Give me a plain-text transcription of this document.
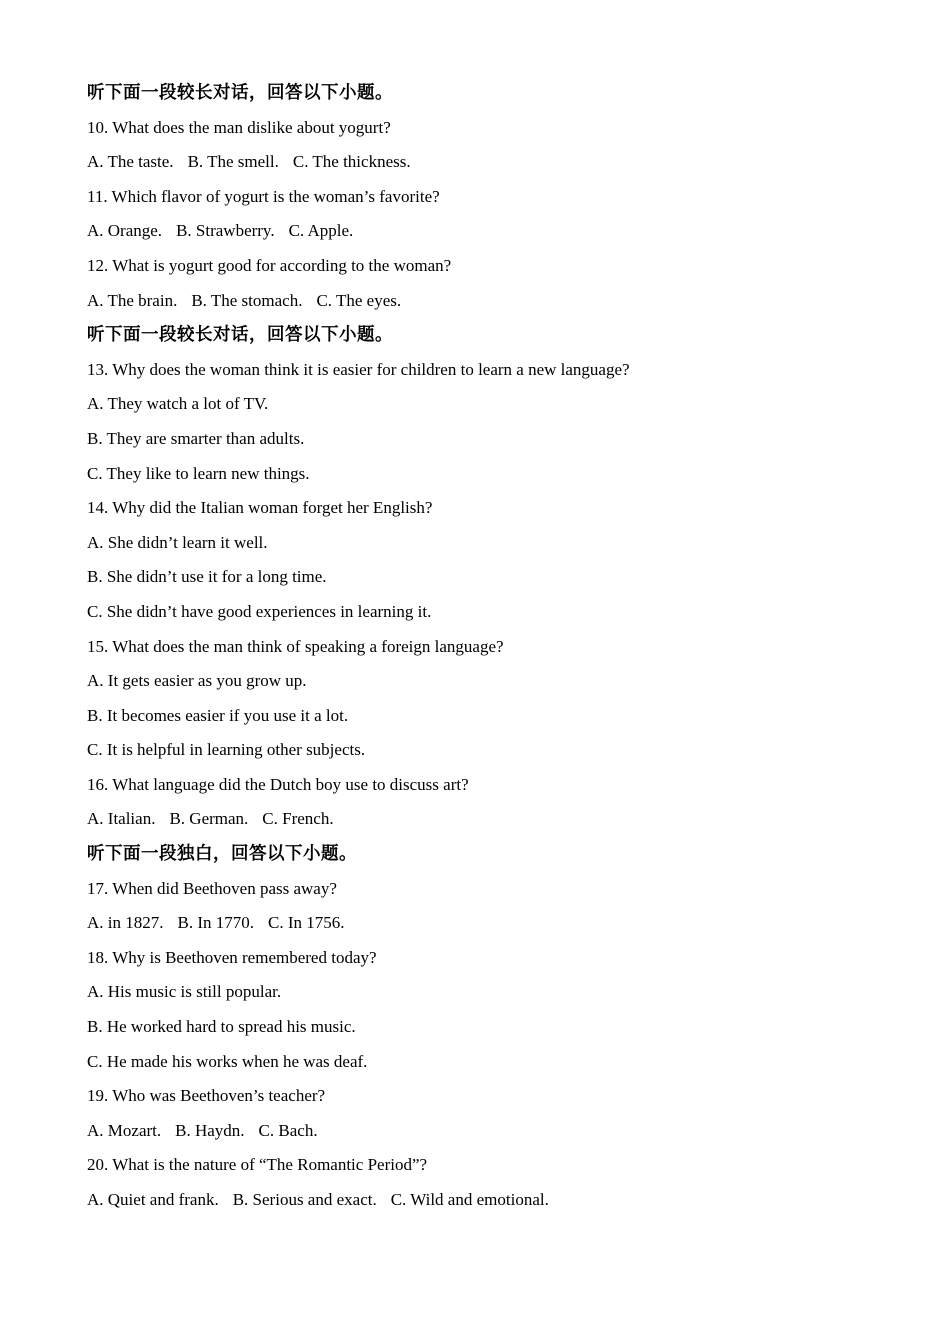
听下面一段较长对话，回答以下小题。
10. What does the man dislike about yogurt?
A. The taste. B. The smell. C. The thickness.
11. Which flavor of yogurt is the woman’s favorite?
A. Orange. B. Strawberry. C. Apple.
12. What is yogurt good for according to the woman?
A. The brain. B. The stomach. C. The eyes.
听下面一段较长对话，回答以下小题。
13. Why does the woman think it is easier for children to learn a new language?
A. They watch a lot of TV.
B. They are smarter than adults.
C. They like to learn new things.
14. Why did the Italian woman forget her English?
A. She didn’t learn it well.
B. She didn’t use it for a long time.
C. She didn’t have good experiences in learning it.
15. What does the man think of speaking a foreign language?
A. It gets easier as you grow up.
B. It becomes easier if you use it a lot.
C. It is helpful in learning other subjects.
16. What language did the Dutch boy use to discuss art?
A. Italian. B. German. C. French.
听下面一段独白，回答以下小题。
17. When did Beethoven pass away?
A. in 1827. B. In 1770. C. In 1756.
18. Why is Beethoven remembered today?
A. His music is still popular.
B. He worked hard to spread his music.
C. He made his works when he was deaf.
19. Who was Beethoven’s teacher?
A. Mozart. B. Haydn. C. Bach.
20. What is the nature of “The Romantic Period”?
A. Quiet and frank. B. Serious and exact. C. Wild and emotional.
